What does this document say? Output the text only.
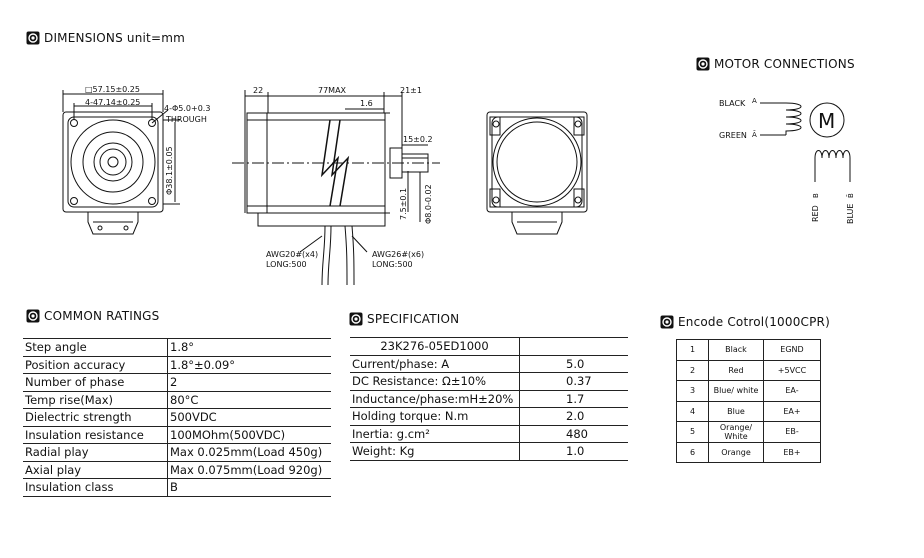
DIMENSIONS unit=mm
MOTOR CONNECTIONS
□57.15±0.25
4-47.14±0.25
4-Φ5.0+0.3
THROUGH
Φ38.1±0.05
22	77MAX	21±1
1.6
15±0.2
7.5±0.1 Φ8.0-0.02
AWG20#(x4)
LONG:500
AWG26#(x6)
LONG:500
BLACK A
GREEN Ā
RED
B
BLUE
B̄
M
COMMON RATINGS
Step angle	1.8°
Position accuracy	1.8°±0.09°
Number of phase	2
Temp rise(Max)	80°C
Dielectric strength	500VDC
Insulation resistance	100MOhm(500VDC)
Radial play	Max 0.025mm(Load 450g)
Axial play	Max 0.075mm(Load 920g)
Insulation class	B
SPECIFICATION
23K276-05ED1000	
Current/phase: A	5.0
DC Resistance: Ω±10%	0.37
Inductance/phase:mH±20%	1.7
Holding torque: N.m	2.0
Inertia: g.cm²	480
Weight: Kg	1.0
Encode Cotrol(1000CPR)
1	Black	EGND
2	Red	+5VCC
3	Blue/ white	EA-
4	Blue	EA+
5	Orange/ White	EB-
6	Orange	EB+
